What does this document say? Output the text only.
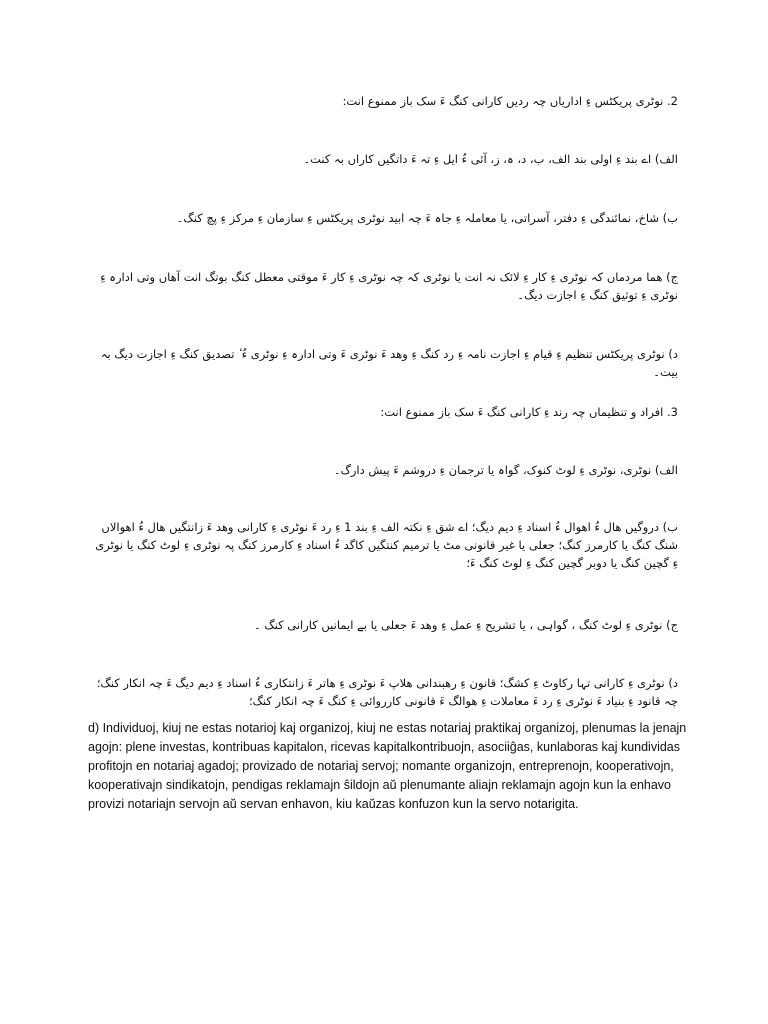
2. نوٹری پریکٹس ءِ اداریاں چہ ردیں کارانی کنگ ءَ سک باز ممنوع انت:
الف) اے بند ءِ اولی بند الف، ب، د، ہ، ز، آئی ءُ ایل ءِ تہ ءَ داتگیں کاراں بہ کنت۔
ب) شاخ، نمائندگی ءِ دفتر، آسراتی، یا معاملہ ءِ جاہ ءَ چہ ابید نوٹری پریکٹس ءِ سازمان ءِ مرکز ءِ پچ کنگ۔
ج) ھما مردماں کہ نوٹری ءِ کار ءِ لائک نہ انت یا نوٹری کہ چہ نوٹری ءِ کار ءَ موقتی معطل کنگ بوتگ انت آھاں وتی ادارہ ءِ نوٹری ءِ توثیق کنگ ءِ اجازت دیگ۔
د) نوٹری پریکٹس تنظیم ءِ قیام ءِ اجازت نامہ ءِ رد کنگ ءِ وھد ءَ نوٹری ءَ وتی ادارہ ءِ نوٹری ءُ ٔ تصدیق کنگ ءِ اجازت دیگ بہ بیت۔
3. افراد و تنظیماں چہ رند ءِ کارانی کنگ ءَ سک باز ممنوع انت:
الف) نوٹری، نوٹری ءِ لوٹ کنوک، گواہ یا ترجمان ءِ دروشم ءَ پیش دارگ۔
ب) دروگیں ھال ءُ اھوال ءُ اسناد ءِ دیم دیگ؛ اے شق ءِ نکتہ الف ءِ بند 1 ءِ رد ءَ نوٹری ءِ کارانی وھد ءَ زانتگیں ھال ءُ اھوالاں شنگ کنگ یا کارمرز کنگ؛ جعلی یا غیر قانونی مٹ یا ترمیم کنتگیں کاگد ءُ اسناد ءِ کارمرز کنگ پہ نوٹری ءِ لوٹ کنگ یا نوٹری ءِ گچین کنگ یا دوبر گچین کنگ ءِ لوٹ کنگ ءَ؛
ج) نوٹری ءِ لوٹ کنگ ، گواہی ، یا تشریح ءِ عمل ءِ وھد ءَ جعلی یا بے ایمانیں کارانی کنگ ۔
د) نوٹری ءِ کارانی تہا رکاوٹ ءِ کشگ؛ قانون ءِ رھبندانی ھلاپ ءَ نوٹری ءِ ھاتر ءَ زانتکاری ءُ اسناد ءِ دیم دیگ ءَ چہ انکار کنگ؛ چہ قانود ءِ بنیاد ءَ نوٹری ءِ رد ءَ معاملات ءِ ھوالگ ءَ قانونی کارروائی ءِ کنگ ءَ چہ انکار کنگ؛
d) Individuoj, kiuj ne estas notarioj kaj organizoj, kiuj ne estas notariaj praktikaj organizoj, plenumas la jenajn agojn: plene investas, kontribuas kapitalon, ricevas kapitalkontribuojn, asociiĝas, kunlaboras kaj kundividas profitojn en notariaj agadoj; provizado de notariaj servoj; nomante organizojn, entreprenojn, kooperativojn, kooperativajn sindikatojn, pendigas reklamajn ŝildojn aŭ plenumante aliajn reklamajn agojn kun la enhavo provizi notariajn servojn aŭ servan enhavon, kiu kaŭzas konfuzon kun la servo notarigita.
